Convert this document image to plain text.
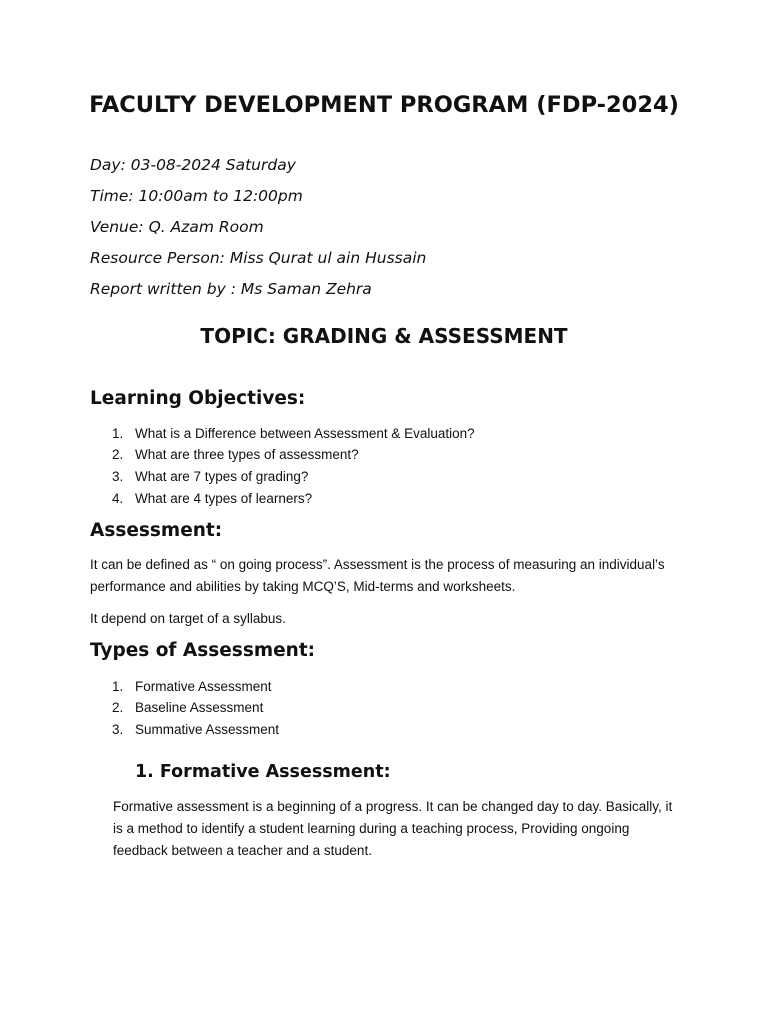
FACULTY DEVELOPMENT PROGRAM (FDP-2024)

Day: 03-08-2024 Saturday

Time: 10:00am to 12:00pm

Venue: Q. Azam Room

Resource Person: Miss Qurat ul ain Hussain

Report written by : Ms Saman Zehra

TOPIC: GRADING & ASSESSMENT
Learning Objectives:

1. What is a Difference between Assessment & Evaluation?

2. What are three types of assessment?

3. What are 7 types of grading?

4. What are 4 types of learners?

Assessment:

It can be defined as “ on going process”. Assessment is the process of measuring an individual’s

performance and abilities by taking MCQ’S, Mid-terms and worksheets.

It depend on target of a syllabus.

Types of Assessment:

1. Formative Assessment

2. Baseline Assessment

3. Summative Assessment

1. Formative Assessment:

Formative assessment is a beginning of a progress. It can be changed day to day. Basically, it

is a method to identify a student learning during a teaching process, Providing ongoing

feedback between a teacher and a student.
